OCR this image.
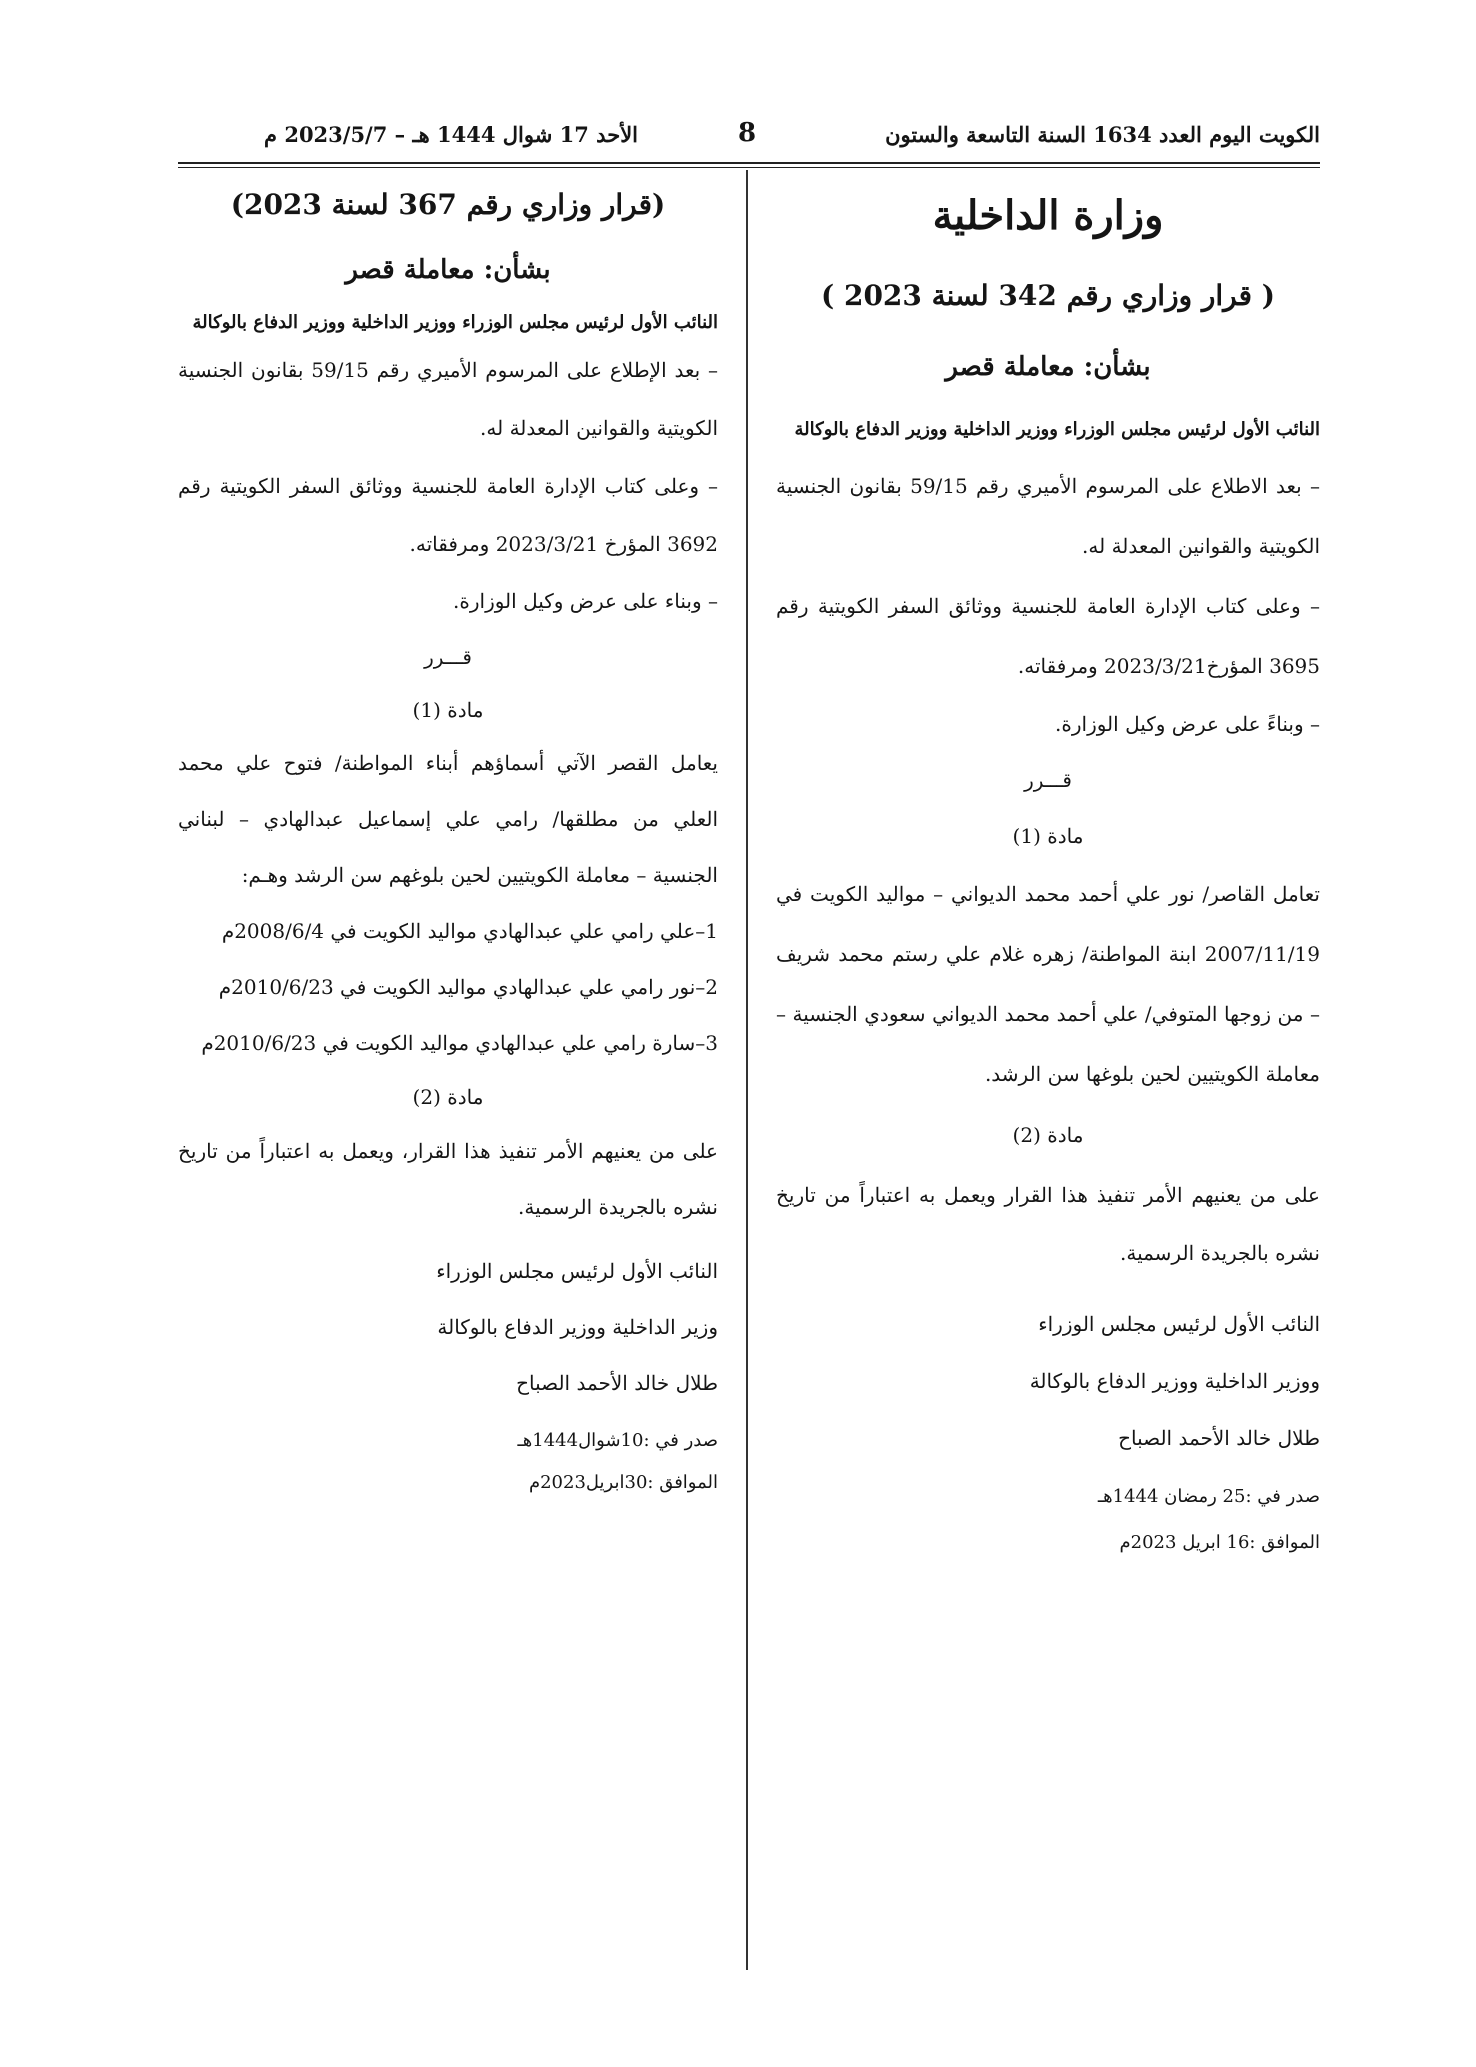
الكويت اليوم العدد 1634 السنة التاسعة والستون
8
الأحد 17 شوال 1444 هـ – 2023/5/7 م

وزارة الداخلية

( قرار وزاري رقم 342 لسنة 2023 )

بشأن: معاملة قصر

النائب الأول لرئيس مجلس الوزراء ووزير الداخلية ووزير الدفاع بالوكالة

– بعد الاطلاع على المرسوم الأميري رقم 59/15 بقانون الجنسية الكويتية والقوانين المعدلة له.

– وعلى كتاب الإدارة العامة للجنسية ووثائق السفر الكويتية رقم 3695 المؤرخ2023/3/21 ومرفقاته.

– وبناءً على عرض وكيل الوزارة.

قـــرر

مادة (1)

تعامل القاصر/ نور علي أحمد محمد الديواني – مواليد الكويت في 2007/11/19 ابنة المواطنة/ زهره غلام علي رستم محمد شريف – من زوجها المتوفي/ علي أحمد محمد الديواني سعودي الجنسية – معاملة الكويتيين لحين بلوغها سن الرشد.

مادة (2)

على من يعنيهم الأمر تنفيذ هذا القرار ويعمل به اعتباراً من تاريخ نشره بالجريدة الرسمية.

النائب الأول لرئيس مجلس الوزراء

ووزير الداخلية ووزير الدفاع بالوكالة

طلال خالد الأحمد الصباح

صدر في :25 رمضان 1444هـ

الموافق :16 ابريل 2023م

(قرار وزاري رقم 367 لسنة 2023)

بشأن: معاملة قصر

النائب الأول لرئيس مجلس الوزراء ووزير الداخلية ووزير الدفاع بالوكالة

– بعد الإطلاع على المرسوم الأميري رقم 59/15 بقانون الجنسية الكويتية والقوانين المعدلة له.

– وعلى كتاب الإدارة العامة للجنسية ووثائق السفر الكويتية رقم 3692 المؤرخ 2023/3/21 ومرفقاته.

– وبناء على عرض وكيل الوزارة.

قـــرر

مادة (1)

يعامل القصر الآتي أسماؤهم أبناء المواطنة/ فتوح علي محمد العلي من مطلقها/ رامي علي إسماعيل عبدالهادي – لبناني الجنسية – معاملة الكويتيين لحين بلوغهم سن الرشد وهـم:

1–علي رامي علي عبدالهادي مواليد الكويت في 2008/6/4م

2–نور رامي علي عبدالهادي مواليد الكويت في 2010/6/23م

3–سارة رامي علي عبدالهادي مواليد الكويت في 2010/6/23م

مادة (2)

على من يعنيهم الأمر تنفيذ هذا القرار، ويعمل به اعتباراً من تاريخ نشره بالجريدة الرسمية.

النائب الأول لرئيس مجلس الوزراء

وزير الداخلية ووزير الدفاع بالوكالة

طلال خالد الأحمد الصباح

صدر في :10شوال1444هـ

الموافق :30ابريل2023م
